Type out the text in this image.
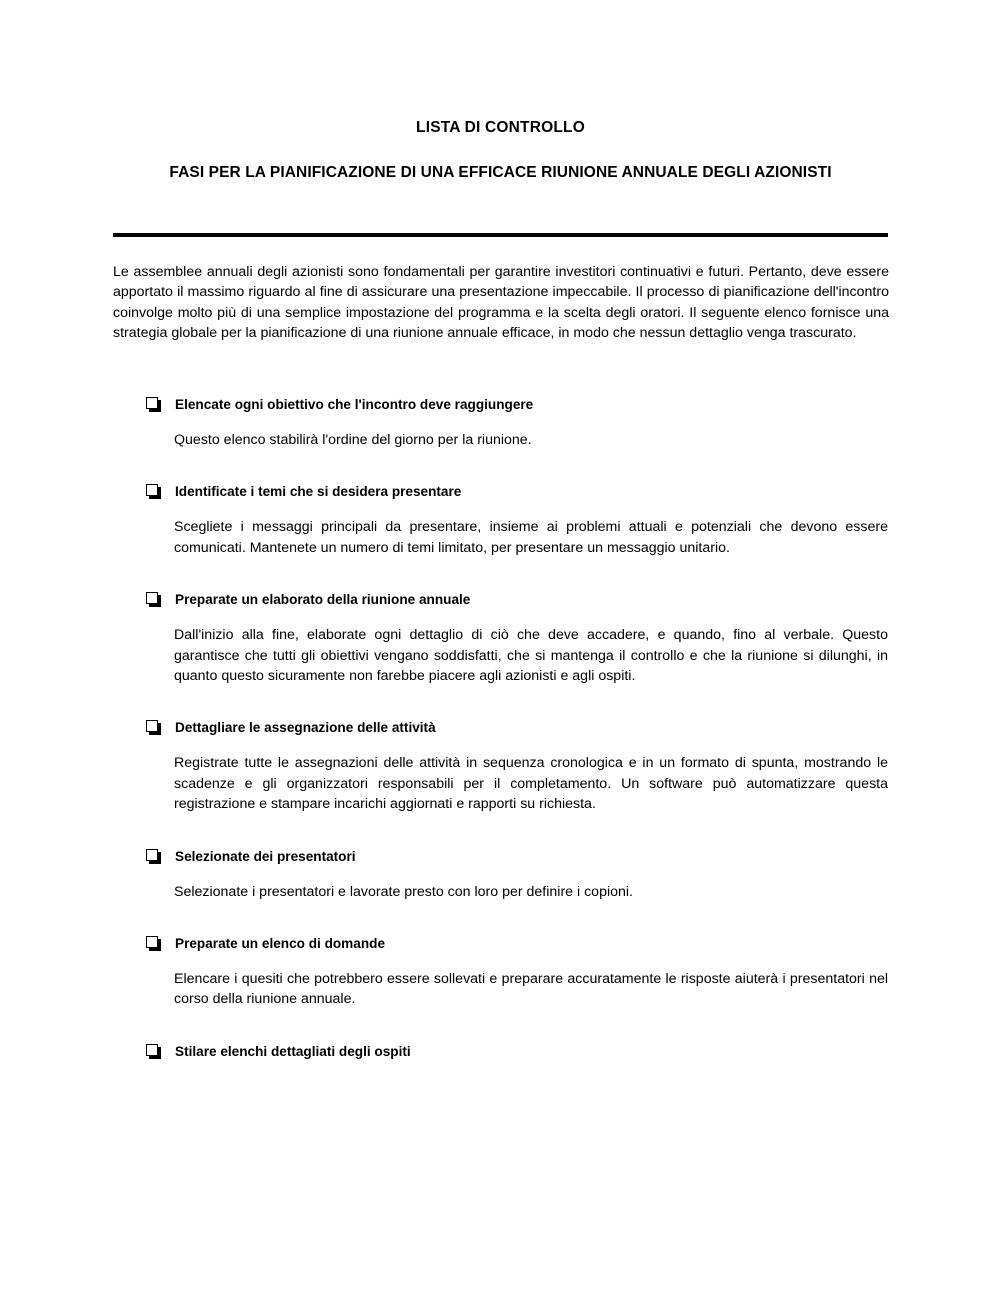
LISTA DI CONTROLLO
FASI PER LA PIANIFICAZIONE DI UNA EFFICACE RIUNIONE ANNUALE DEGLI AZIONISTI
Le assemblee annuali degli azionisti sono fondamentali per garantire investitori continuativi e futuri. Pertanto, deve essere apportato il massimo riguardo al fine di assicurare una presentazione impeccabile. Il processo di pianificazione dell'incontro coinvolge molto più di una semplice impostazione del programma e la scelta degli oratori. Il seguente elenco fornisce una strategia globale per la pianificazione di una riunione annuale efficace, in modo che nessun dettaglio venga trascurato.
Elencate ogni obiettivo che l'incontro deve raggiungere
Questo elenco stabilirà l'ordine del giorno per la riunione.
Identificate i temi che si desidera presentare
Scegliete i messaggi principali da presentare, insieme ai problemi attuali e potenziali che devono essere comunicati. Mantenete un numero di temi limitato, per presentare un messaggio unitario.
Preparate un elaborato della riunione annuale
Dall'inizio alla fine, elaborate ogni dettaglio di ciò che deve accadere, e quando, fino al verbale. Questo garantisce che tutti gli obiettivi vengano soddisfatti, che si mantenga il controllo e che la riunione si dilunghi, in quanto questo sicuramente non farebbe piacere agli azionisti e agli ospiti.
Dettagliare le assegnazione delle attività
Registrate tutte le assegnazioni delle attività in sequenza cronologica e in un formato di spunta, mostrando le scadenze e gli organizzatori responsabili per il completamento. Un software può automatizzare questa registrazione e stampare incarichi aggiornati e rapporti su richiesta.
Selezionate dei presentatori
Selezionate i presentatori e lavorate presto con loro per definire i copioni.
Preparate un elenco di domande
Elencare i quesiti che potrebbero essere sollevati e preparare accuratamente le risposte aiuterà i presentatori nel corso della riunione annuale.
Stilare elenchi dettagliati degli ospiti
